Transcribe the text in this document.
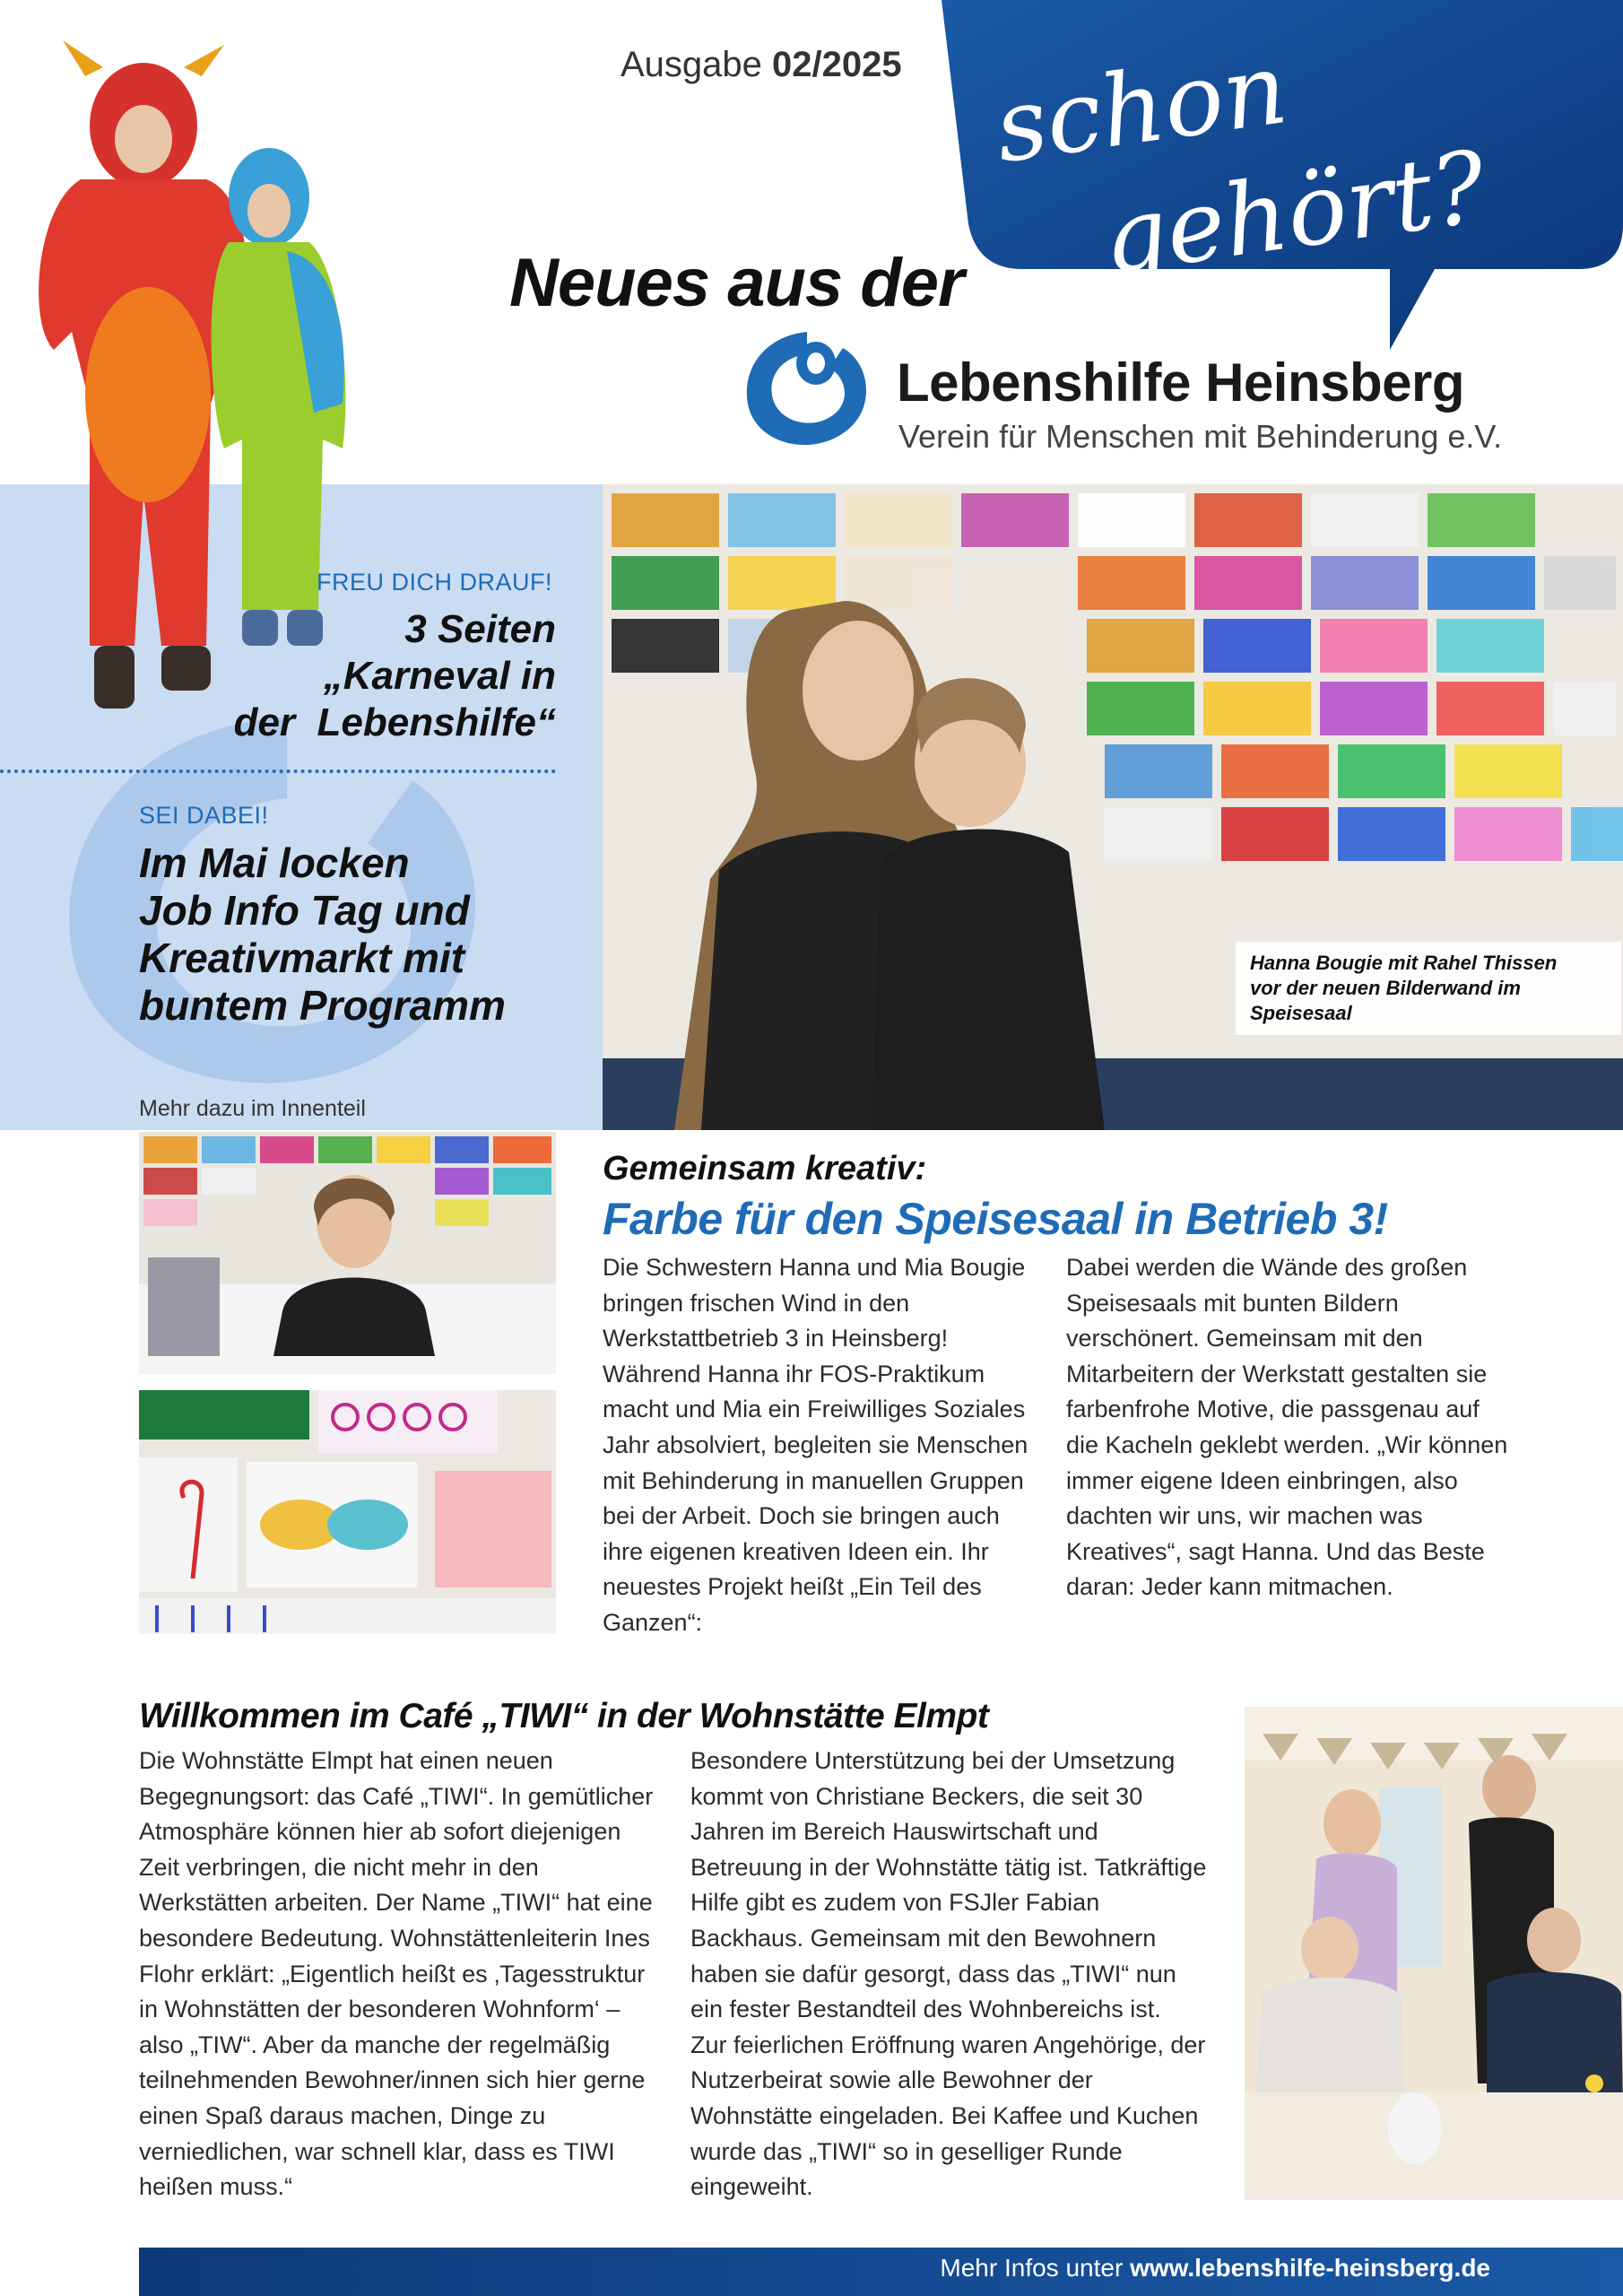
schon
gehört?
Ausgabe 02/2025
Neues aus der
Lebenshilfe Heinsberg
Verein für Menschen mit Behinderung e.V.
FREU DICH DRAUF!
3 Seiten
„Karneval in
der  Lebenshilfe“
SEI DABEI!
Im Mai locken
Job Info Tag und
Kreativmarkt mit
buntem Programm
Mehr dazu im Innenteil
Hanna Bougie mit Rahel Thissen
vor der neuen Bilderwand im
Speisesaal
Gemeinsam kreativ:
Farbe für den Speisesaal in Betrieb 3!
Die Schwestern Hanna und Mia Bougie bringen frischen Wind in den Werkstattbetrieb 3 in Heinsberg! Während Hanna ihr FOS-Praktikum macht und Mia ein Freiwilliges Soziales Jahr absolviert, begleiten sie Menschen mit Behinderung in manuellen Gruppen bei der Arbeit. Doch sie bringen auch ihre eigenen kreativen Ideen ein. Ihr neuestes Projekt heißt „Ein Teil des Ganzen“:
Dabei werden die Wände des großen Speisesaals mit bunten Bildern verschönert. Gemeinsam mit den Mitarbeitern der Werkstatt gestalten sie farbenfrohe Motive, die passgenau auf die Kacheln geklebt werden. „Wir können immer eigene Ideen einbringen, also dachten wir uns, wir machen was Kreatives“, sagt Hanna. Und das Beste daran: Jeder kann mitmachen.
Willkommen im Café „TIWI“ in der Wohnstätte Elmpt
Die Wohnstätte Elmpt hat einen neuen Begegnungsort: das Café „TIWI“. In gemütlicher Atmosphäre können hier ab sofort diejenigen Zeit verbringen, die nicht mehr in den Werkstätten arbeiten. Der Name „TIWI“ hat eine besondere Bedeutung. Wohnstättenleiterin Ines Flohr erklärt: „Eigentlich heißt es ‚Tagesstruktur in Wohnstätten der besonderen Wohnform‘ – also „TIW“. Aber da manche der regelmäßig teilnehmenden Bewohner/innen sich hier gerne einen Spaß daraus machen, Dinge zu verniedlichen, war schnell klar, dass es TIWI heißen muss.“
Besondere Unterstützung bei der Umsetzung kommt von Christiane Beckers, die seit 30 Jahren im Bereich Hauswirtschaft und Betreuung in der Wohnstätte tätig ist. Tatkräftige Hilfe gibt es zudem von FSJler Fabian Backhaus. Gemeinsam mit den Bewohnern haben sie dafür gesorgt, dass das „TIWI“ nun ein fester Bestandteil des Wohnbereichs ist.
Zur feierlichen Eröffnung waren Angehörige, der Nutzerbeirat sowie alle Bewohner der Wohnstätte eingeladen. Bei Kaffee und Kuchen wurde das „TIWI“ so in geselliger Runde eingeweiht.
Mehr Infos unter www.lebenshilfe-heinsberg.de
